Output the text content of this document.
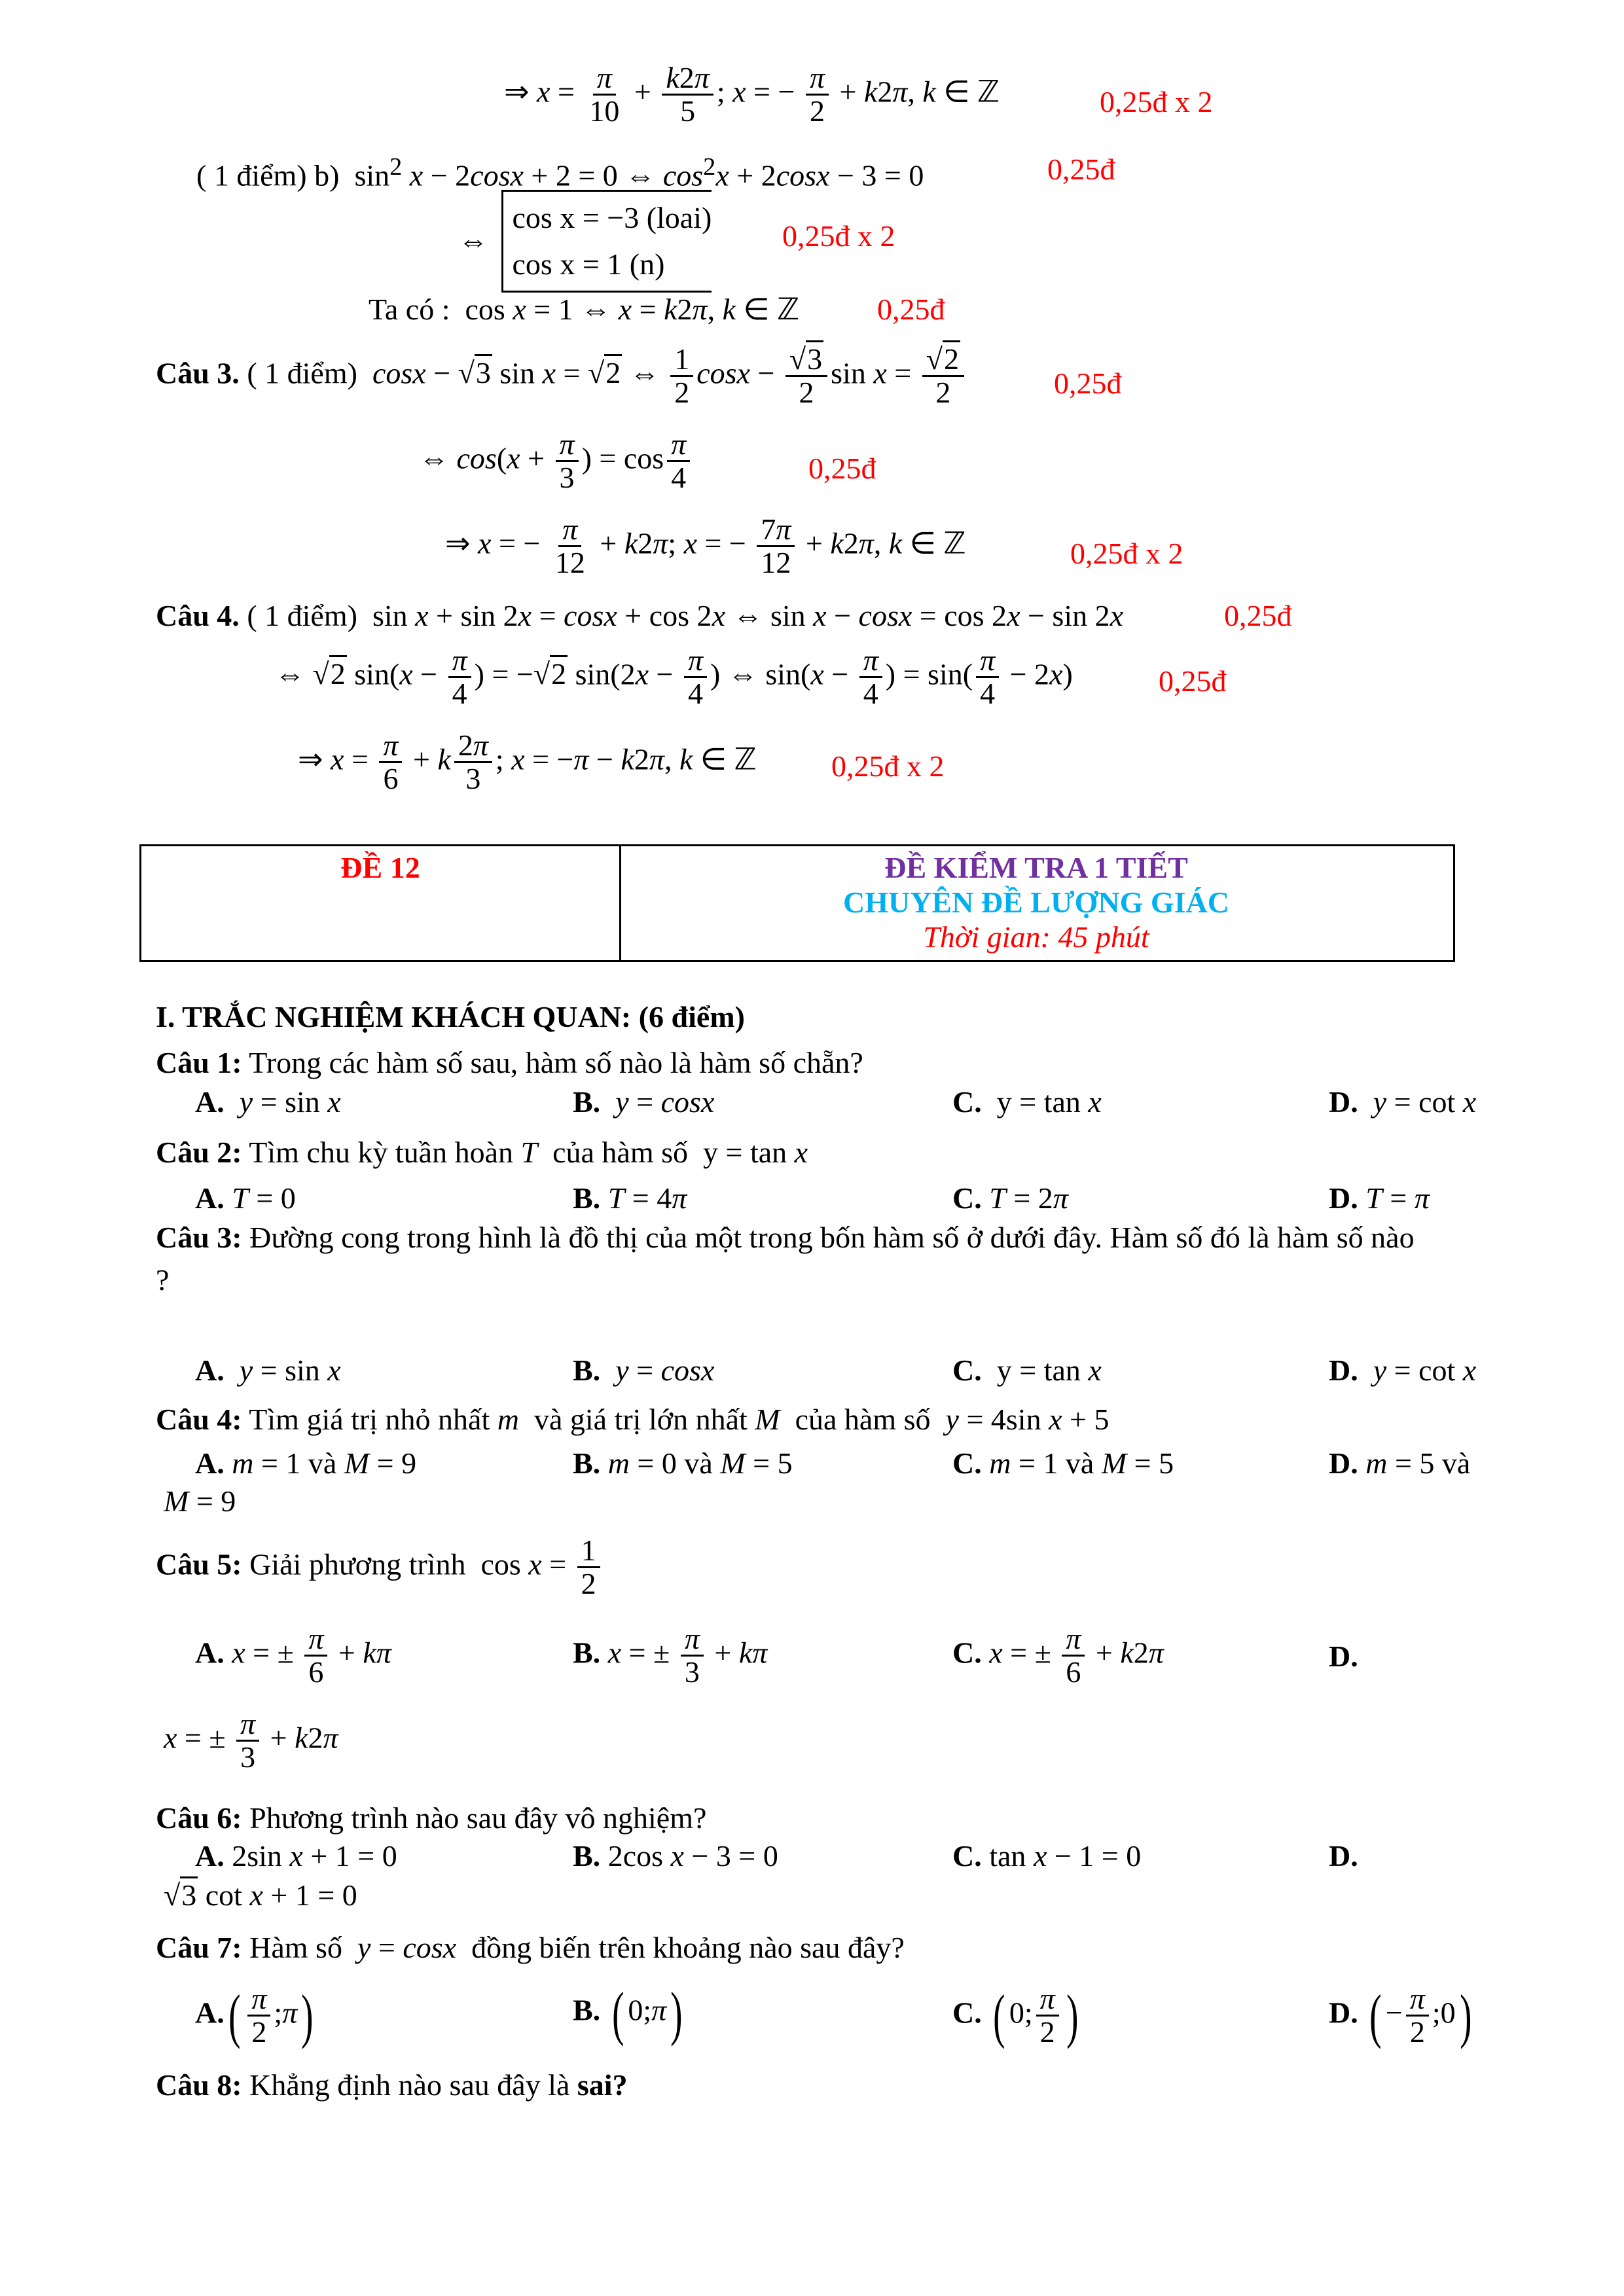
⇒ $x = \frac{\pi}{10} + \frac{k2\pi}{5}$ ; x = − $\frac{\pi}{2} + k2\pi$, k ∈ ℤ	0,25đ x 2
( 1 điểm) b)  $\sin^2 x - 2\cos x + 2 = 0$ ⇔ $\cos^2x + 2\cos x - 3 = 0$	0,25đ
⇔ cos x = −3 (loai)
cos x = 1 (n)
0,25đ x 2
Ta có :  cos x = 1 ⇔ x = k2π, k ∈ ℤ	0,25đ
Câu 3. ( 1 điểm) cosx − √3 sin x = √2 ⇔ $\frac{1}{2}$ $\cos x - \frac{√3}{2}$ $\sin x = \frac{√2}{2}$	0,25đ
⇔ $\cos(x + \frac{\pi}{3}$ ) = $\cos \frac{\pi}{4}$	0,25đ
⇒ x = − $\frac{\pi}{12} + k2\pi$; x = − $\frac{7\pi}{12} + k2\pi$, k ∈ ℤ	0,25đ x 2
Câu 4. ( 1 điểm)  sin x + sin 2x = cosx + cos 2x ⇔ sin x − cosx = cos 2x − sin 2x	0,25đ
⇔ √2 $\sin(x - \frac{\pi}{4}$ ) = −√2 $\sin(2x - \frac{\pi}{4}$ ) ⇔ $\sin(x - \frac{\pi}{4}$ ) = $\sin( \frac{\pi}{4} - 2x)$	0,25đ
⇒ $x = \frac{\pi}{6} + k \frac{2\pi}{3}$ ; x = −π − k2π, k ∈ ℤ 0,25đ x 2
ĐỀ 12	ĐỀ KIỂM TRA 1 TIẾT
CHUYÊN ĐỀ LƯỢNG GIÁC
Thời gian: 45 phút
I. TRẮC NGHIỆM KHÁCH QUAN: (6 điểm)
Câu 1: Trong các hàm số sau, hàm số nào là hàm số chẵn?
A. y = sin x	B. y = cosx	C.  y = tan x	D. y = cot x
Câu 2: Tìm chu kỳ tuần hoàn T của hàm số  y = tan x
A. T = 0	B. T = 4π	C. T = 2π	D. T = π
Câu 3: Đường cong trong hình là đồ thị của một trong bốn hàm số ở dưới đây. Hàm số đó là hàm số nào
?
A. y = sin x	B. y = cosx	C.  y = tan x	D. y = cot x
Câu 4: Tìm giá trị nhỏ nhất m và giá trị lớn nhất M của hàm số y = 4sin x + 5
A. m = 1 và M = 9	B. m = 0 và M = 5	C. m = 1 và M = 5	D. m = 5 và
M = 9
Câu 5: Giải phương trình  $\cos x = \frac{1}{2}$
A. x = ± $\frac{\pi}{6} + k\pi$	B. x = ± $\frac{\pi}{3} + k\pi$	C. x = ± $\frac{\pi}{6} + k2\pi$	D.
x = ± $\frac{\pi}{3} + k2\pi$
Câu 6: Phương trình nào sau đây vô nghiệm?
A. 2sin x + 1 = 0	B. 2cos x − 3 = 0	C. tan x − 1 = 0	D.
√3 cot x + 1 = 0
Câu 7: Hàm số y = cosx đồng biến trên khoảng nào sau đây?
$A.( \frac{\pi}{2}$ ;π)	B. ( 0;π)	C. ( 0; $\frac{\pi}{2}$ )	D. ( − $\frac{\pi}{2}$ ;0)
Câu 8: Khẳng định nào sau đây là sai?
